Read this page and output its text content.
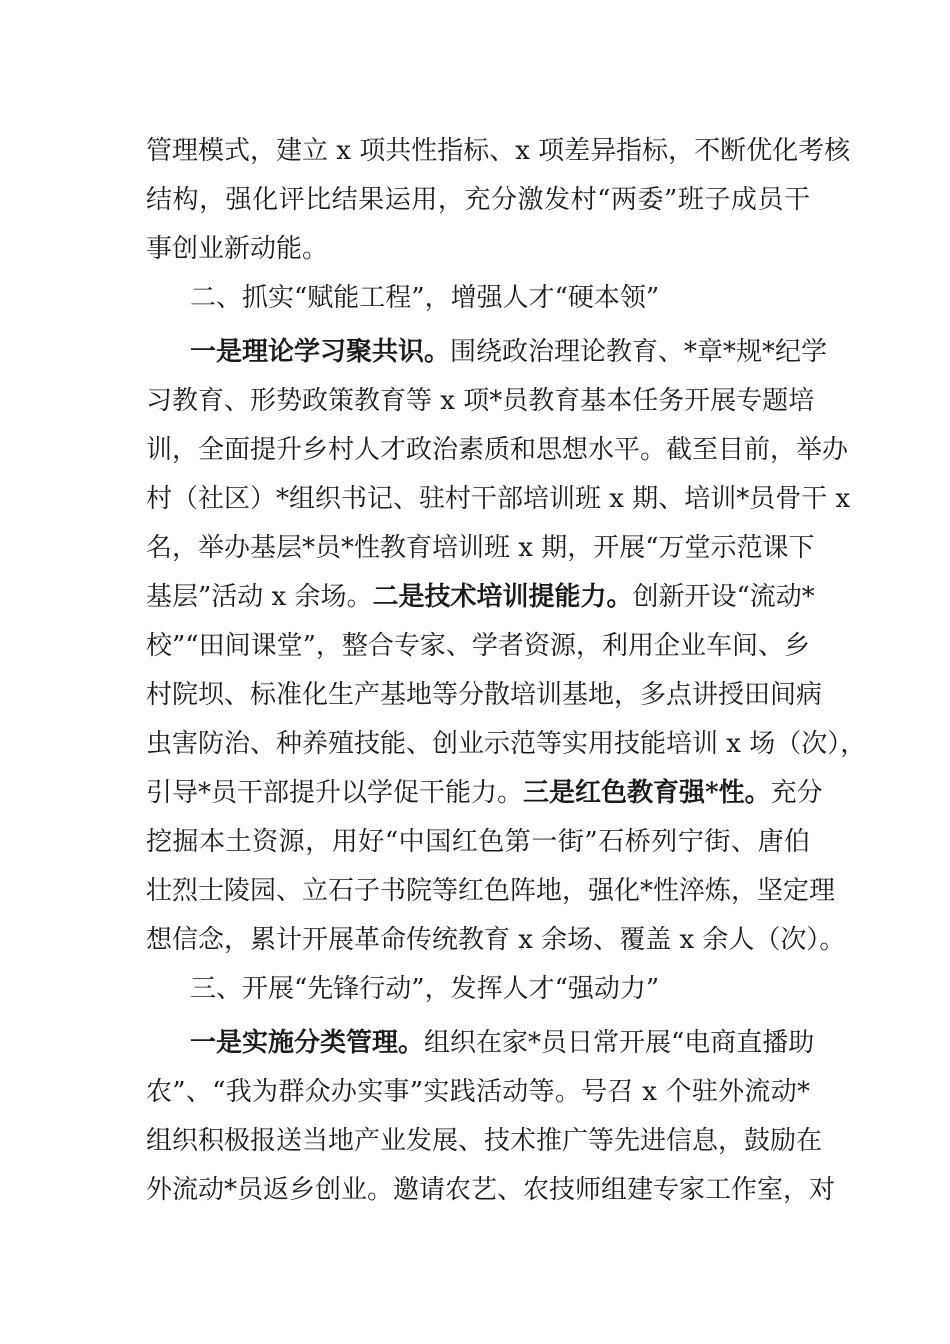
管理模式，建立 x 项共性指标、x 项差异指标，不断优化考核
结构，强化评比结果运用，充分激发村“两委”班子成员干
事创业新动能。
二、抓实“赋能工程”，增强人才“硬本领”
一是理论学习聚共识。围绕政治理论教育、*章*规*纪学
习教育、形势政策教育等 x 项*员教育基本任务开展专题培
训，全面提升乡村人才政治素质和思想水平。截至目前，举办
村（社区）*组织书记、驻村干部培训班 x 期、培训*员骨干 x
名，举办基层*员*性教育培训班 x 期，开展“万堂示范课下
基层”活动 x 余场。二是技术培训提能力。创新开设“流动*
校”“田间课堂”，整合专家、学者资源，利用企业车间、乡
村院坝、标准化生产基地等分散培训基地，多点讲授田间病
虫害防治、种养殖技能、创业示范等实用技能培训 x 场（次），
引导*员干部提升以学促干能力。三是红色教育强*性。充分
挖掘本土资源，用好“中国红色第一街”石桥列宁街、唐伯
壮烈士陵园、立石子书院等红色阵地，强化*性淬炼，坚定理
想信念，累计开展革命传统教育 x 余场、覆盖 x 余人（次）。
三、开展“先锋行动”，发挥人才“强动力”
一是实施分类管理。组织在家*员日常开展“电商直播助
农”、“我为群众办实事”实践活动等。号召 x 个驻外流动*
组织积极报送当地产业发展、技术推广等先进信息，鼓励在
外流动*员返乡创业。邀请农艺、农技师组建专家工作室，对
